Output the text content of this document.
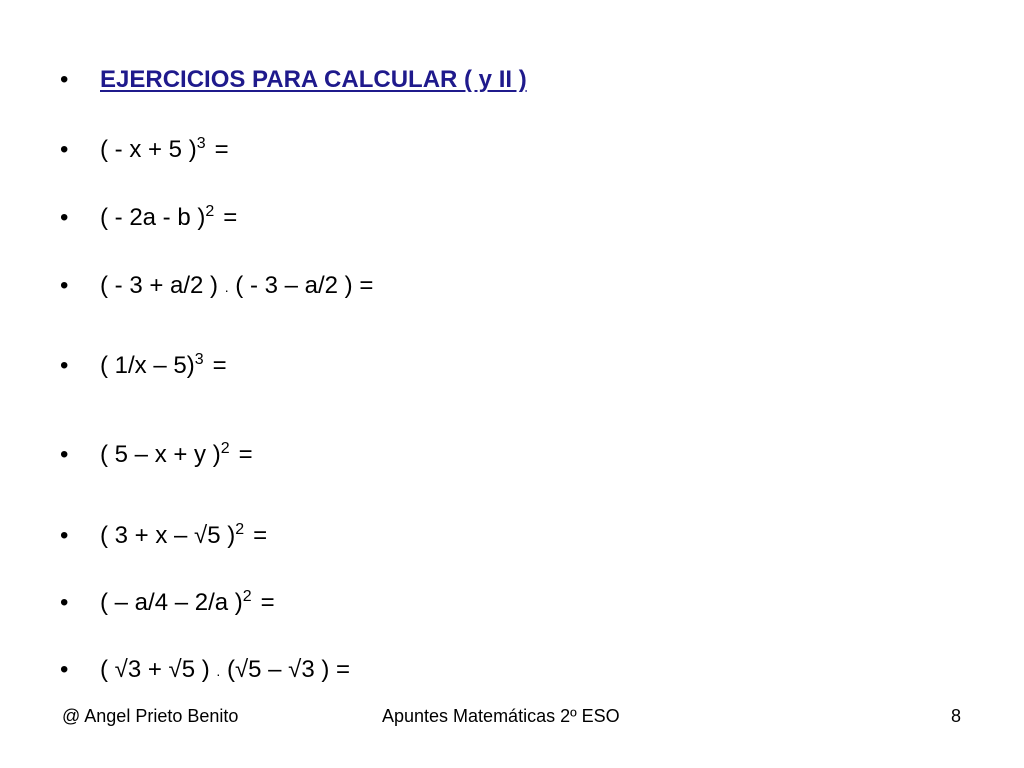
•	EJERCICIOS PARA CALCULAR ( y II )
•	( - x + 5 )$^3$ =
•	( - 2a - b )$^2$ =
•	( - 3 + a/2 ) . ( - 3 – a/2 ) =
•	( 1/x – 5)$^3$ =
•	( 5 – x + y )$^2$ =
•	( 3 + x – √5 )$^2$ =
•	( – a/4 – 2/a )$^2$ =
•	( √3 + √5 ) . (√5 – √3 ) =
@ Angel Prieto Benito	Apuntes Matemáticas 2º ESO	8
